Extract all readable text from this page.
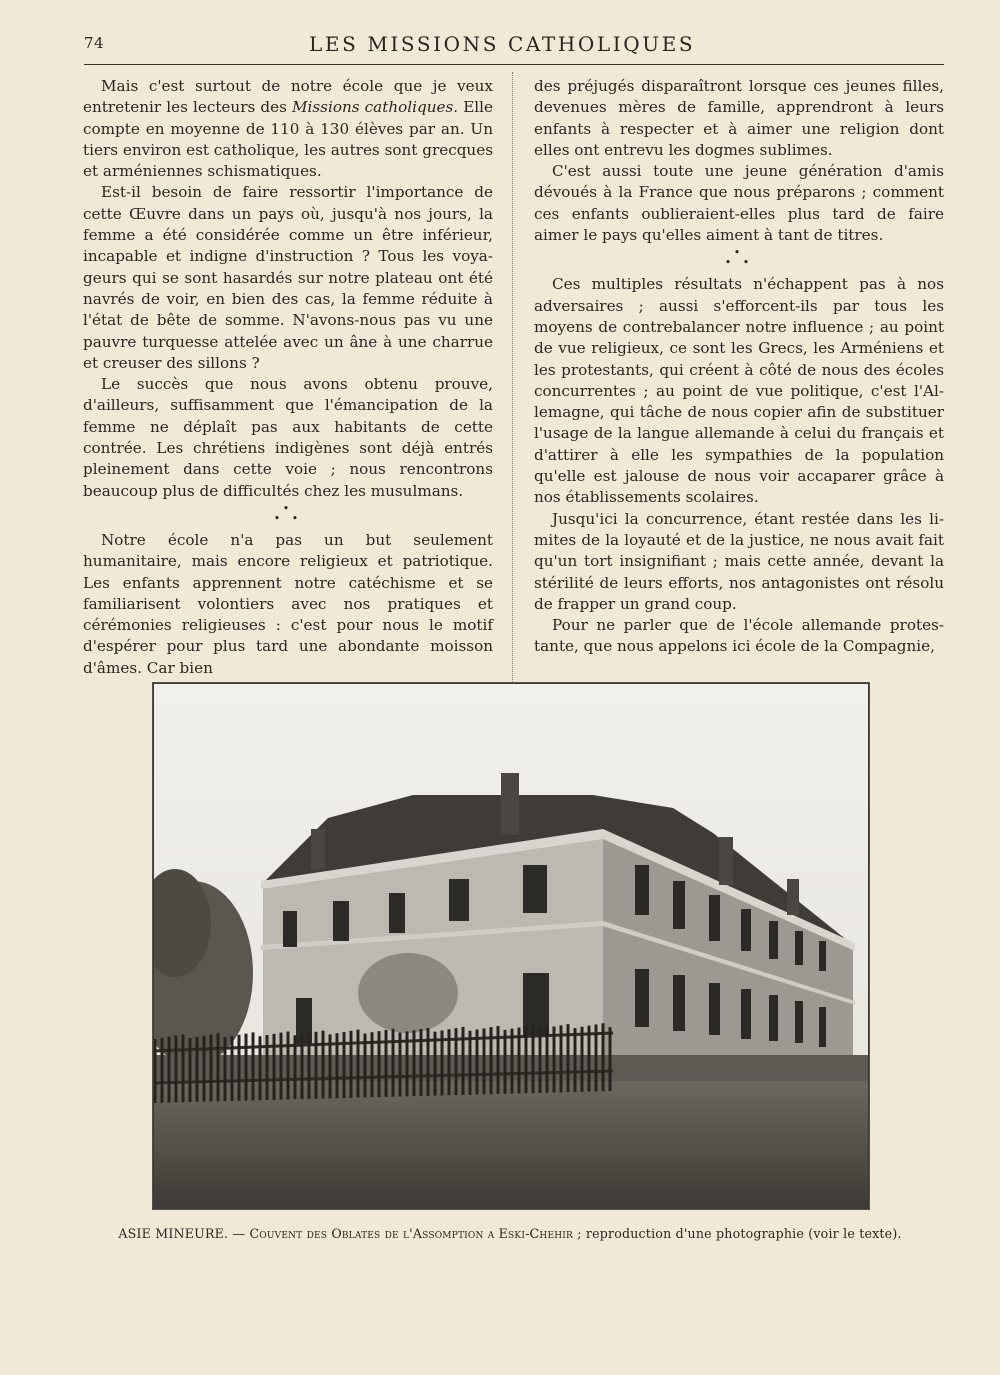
74	LES MISSIONS CATHOLIQUES

Mais c'est surtout de notre école que je veux entretenir les lecteurs des Missions catholiques. Elle compte en moyenne de 110 à 130 élèves par an. Un tiers environ est catholique, les autres sont grecques et arméniennes schismatiques.

Est-il besoin de faire ressortir l'importance de cette Œuvre dans un pays où, jusqu'à nos jours, la femme a été considérée comme un être inférieur, incapable et indigne d'instruction ? Tous les voyageurs qui se sont hasardés sur notre plateau ont été navrés de voir, en bien des cas, la femme réduite à l'état de bête de somme. N'avons-nous pas vu une pauvre turquesse attelée avec un âne à une charrue et creuser des sillons ?

Le succès que nous avons obtenu prouve, d'ailleurs, suffisamment que l'émancipation de la femme ne déplaît pas aux habitants de cette contrée. Les chrétiens indigènes sont déjà entrés pleinement dans cette voie ; nous rencontrons beaucoup plus de difficultés chez les musulmans.

•
• •

Notre école n'a pas un but seulement humanitaire, mais encore religieux et patriotique. Les enfants apprennent notre catéchisme et se familiarisent volontiers avec nos pratiques et cérémonies religieuses : c'est pour nous le motif d'espérer pour plus tard une abondante moisson d'âmes. Car bien

des préjugés disparaîtront lorsque ces jeunes filles, devenues mères de famille, apprendront à leurs enfants à respecter et à aimer une religion dont elles ont entrevu les dogmes sublimes.

C'est aussi toute une jeune génération d'amis dévoués à la France que nous préparons ; comment ces enfants oublieraient-elles plus tard de faire aimer le pays qu'elles aiment à tant de titres.

•
• •

Ces multiples résultats n'échappent pas à nos adversaires ; aussi s'efforcent-ils par tous les moyens de contrebalancer notre influence ; au point de vue religieux, ce sont les Grecs, les Arméniens et les protestants, qui créent à côté de nous des écoles concurrentes ; au point de vue politique, c'est l'Allemagne, qui tâche de nous copier afin de substituer l'usage de la langue allemande à celui du français et d'attirer à elle les sympathies de la population qu'elle est jalouse de nous voir accaparer grâce à nos établissements scolaires.

Jusqu'ici la concurrence, étant restée dans les limites de la loyauté et de la justice, ne nous avait fait qu'un tort insignifiant ; mais cette année, devant la stérilité de leurs efforts, nos antagonistes ont résolu de frapper un grand coup.

Pour ne parler que de l'école allemande protestante, que nous appelons ici école de la Compagnie,

ASIE MINEURE. — Couvent des Oblates de l'Assomption a Eski-Chehir ; reproduction d'une photographie (voir le texte).
